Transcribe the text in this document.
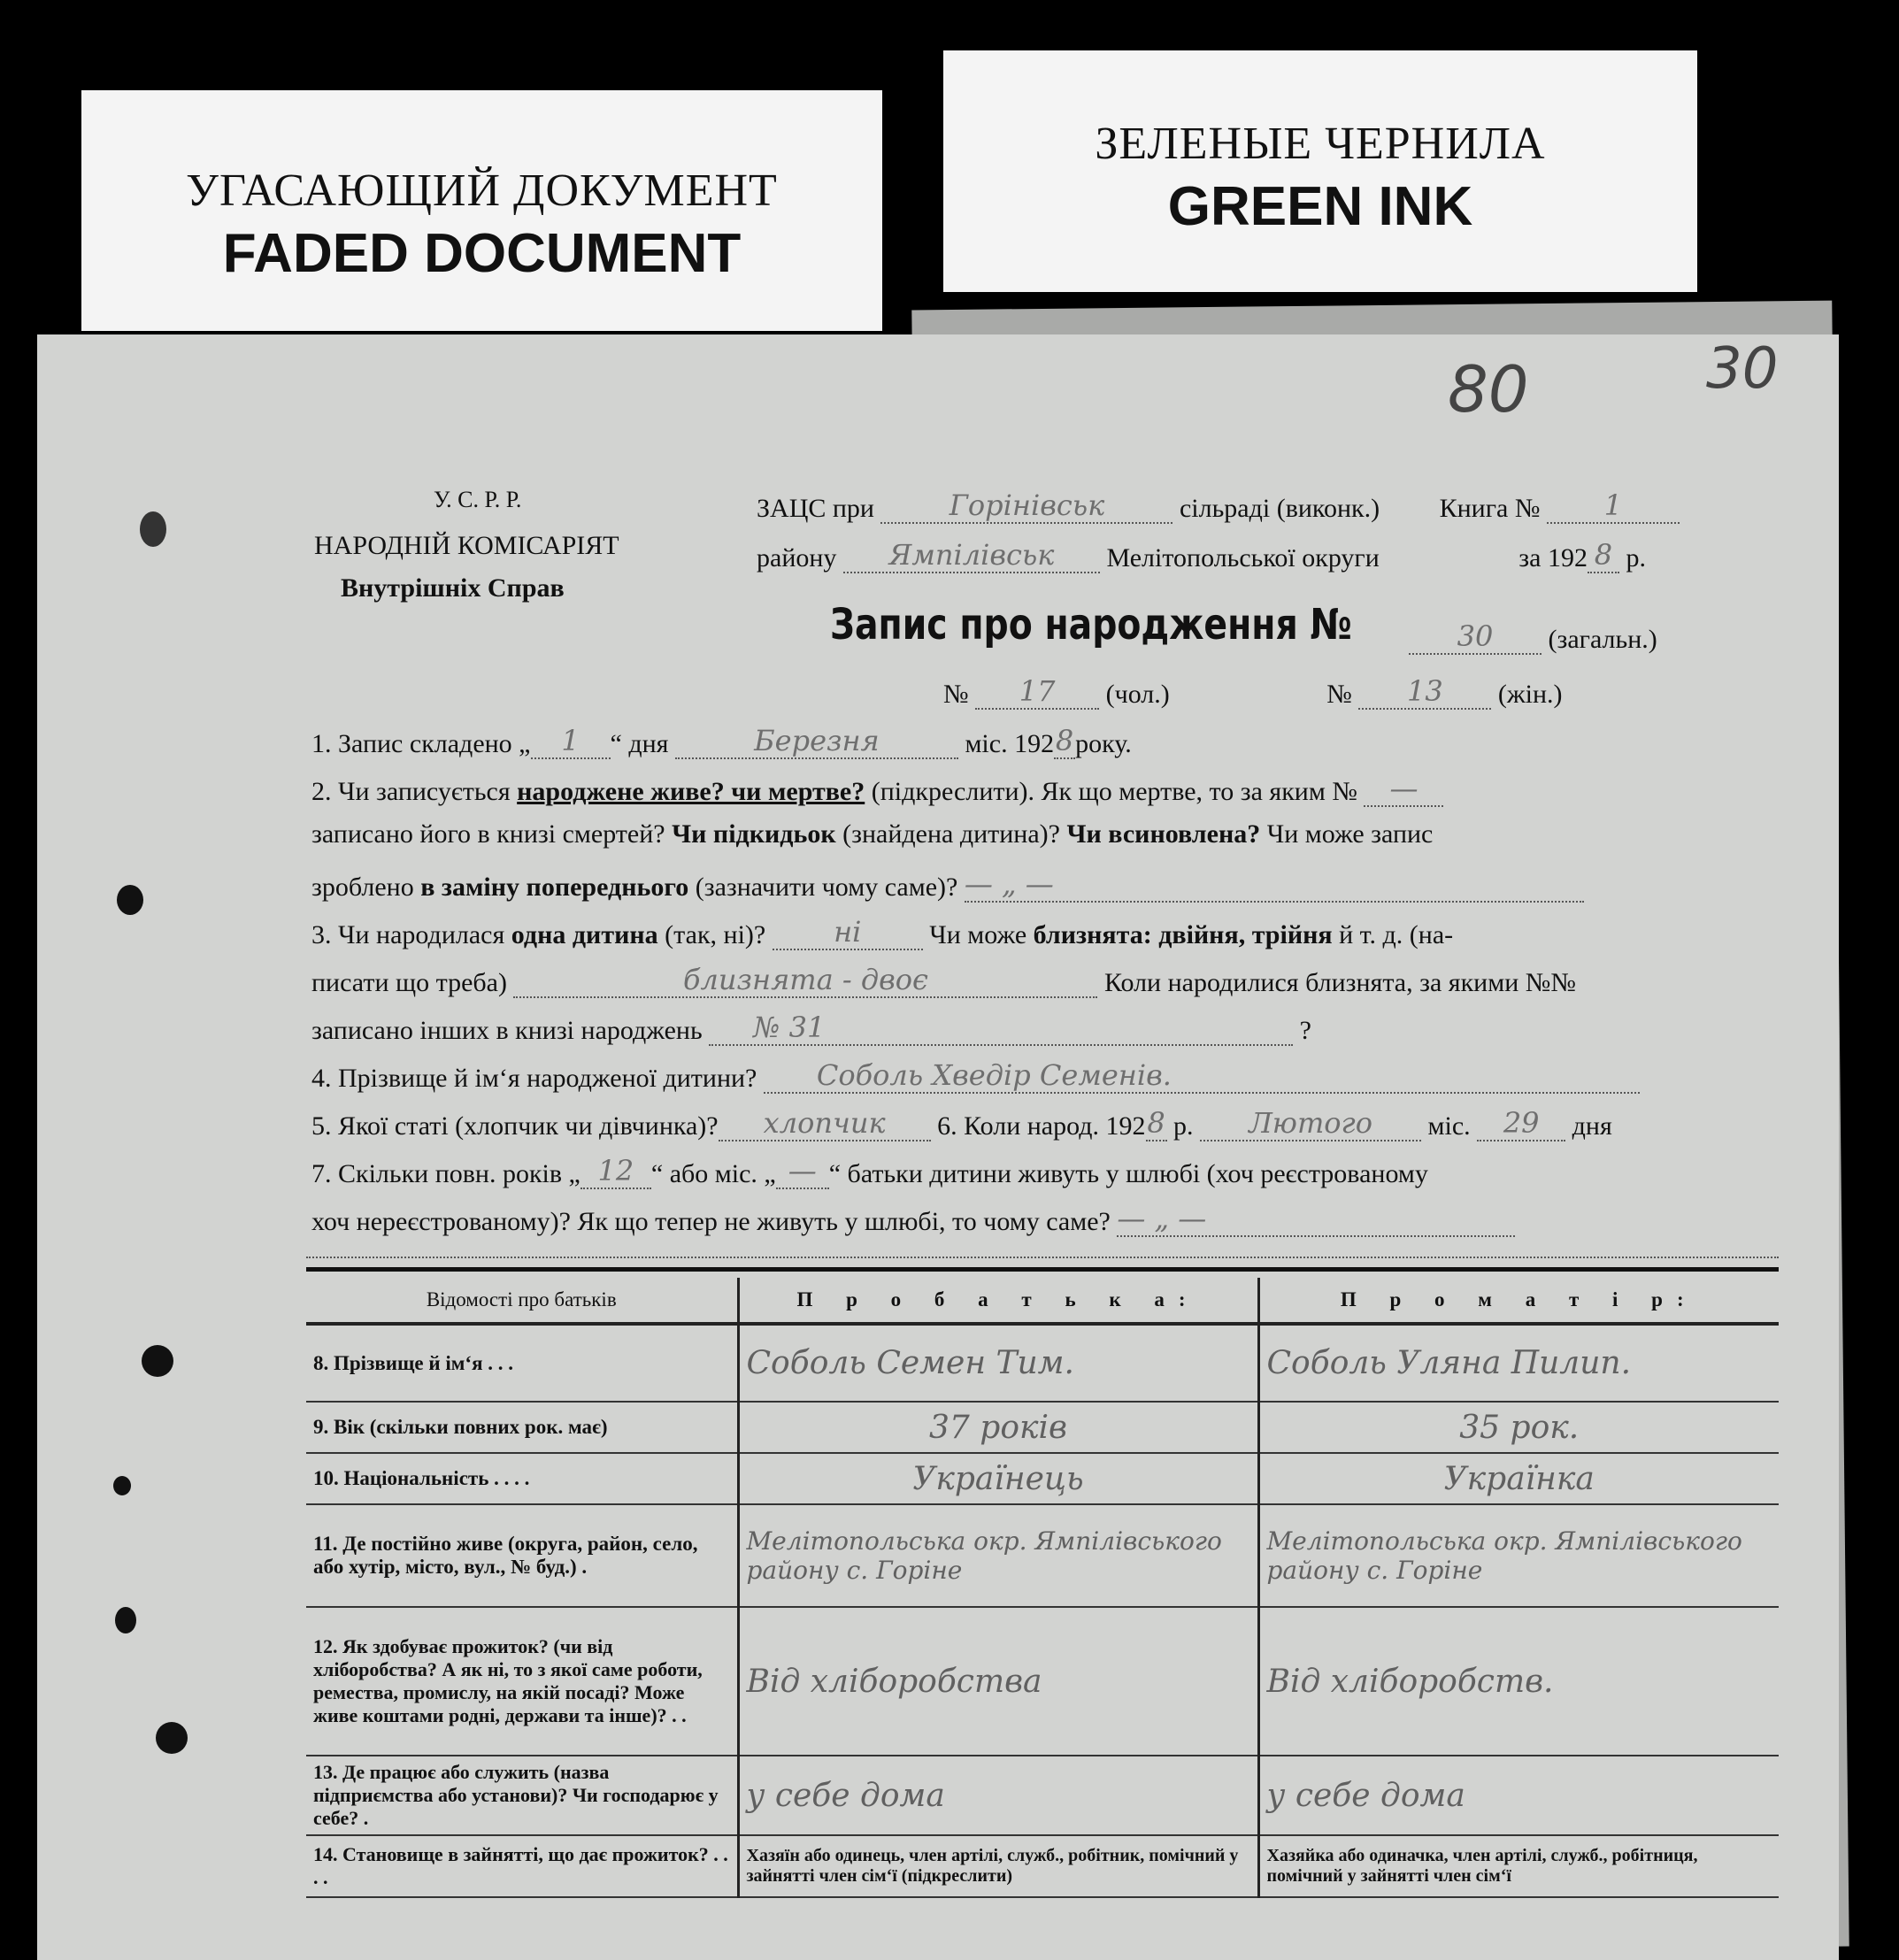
УГАСАЮЩИЙ ДОКУМЕНТ
FADED DOCUMENT
ЗЕЛЕНЫЕ ЧЕРНИЛА
GREEN INK
80	30
У. С. Р. Р.
НАРОДНІЙ КОМІСАРІЯТ
Внутрішніх Справ
ЗАЦС при	Горінівськ	сільраді (виконк.) Книга № 1
району Ямпілівськ Мелітопольської округи	за 192 8 р.
Запис про народження №	30 (загальн.)
№ 17 (чол.)	№ 13 (жін.)
1. Запис складено „ 1 “ дня	Березня	міс. 1928року.
2. Чи записується народжене живе? чи мертве? (підкреслити). Як що мертве, то за яким № —
записано його в книзі смертей? Чи підкидьок (знайдена дитина)? Чи всиновлена? Чи може запис
зроблено в заміну попереднього (зазначити чому саме)? — „ —
3. Чи народилася одна дитина (так, ні)? ні	Чи може близнята: двійня, трійня й т. д. (на-
писати що треба)	близнята - двоє	Коли народилися близнята, за якими №№
записано інших в книзі народжень № 31	?
4. Прізвище й ім‘я народженої дитини? Соболь Хведір Семенів.
5. Якої статі (хлопчик чи дівчинка)? хлопчик 6. Коли народ. 1928 р. Лютого міс. 29 дня
7. Скільки повн. років „ 12 “ або міс. „ — “ батьки дитини живуть у шлюбі (хоч реєстрованому
хоч нереєстрованому)? Як що тепер не живуть у шлюбі, то чому саме? — „ —
Відомості про батьків	П р о б а т ь к а:	П р о м а т і р:
8. Прізвище й ім‘я . . .	Соболь Семен Тим.	Соболь Уляна Пилип.
9. Вік (скільки повних рок. має)	37 років	35 рок.
10. Національність . . . .	Українець	Українка
11. Де постійно живе (округа, район, село, або хутір, місто, вул., № буд.) .	Мелітопольська окр. Ямпілівського району с. Горіне	Мелітопольська окр. Ямпілівського району с. Горіне
12. Як здобуває прожиток? (чи від хліборобства? А як ні, то з якої саме роботи, ремества, промислу, на якій посаді? Може живе коштами родні, держави та інше)? . .	Від хліборобства	Від хліборобств.
13. Де працює або служить (назва підприємства або установи)? Чи господарює у себе? .	у себе дома	у себе дома
14. Становище в зайнятті, що дає прожиток? . . . .	Хазяїн або одинець, член артілі, служб., робітник, помічний у зайнятті член сім‘ї (підкреслити)	Хазяйка або одиначка, член артілі, служб., робітниця, помічний у зайнятті член сім‘ї
